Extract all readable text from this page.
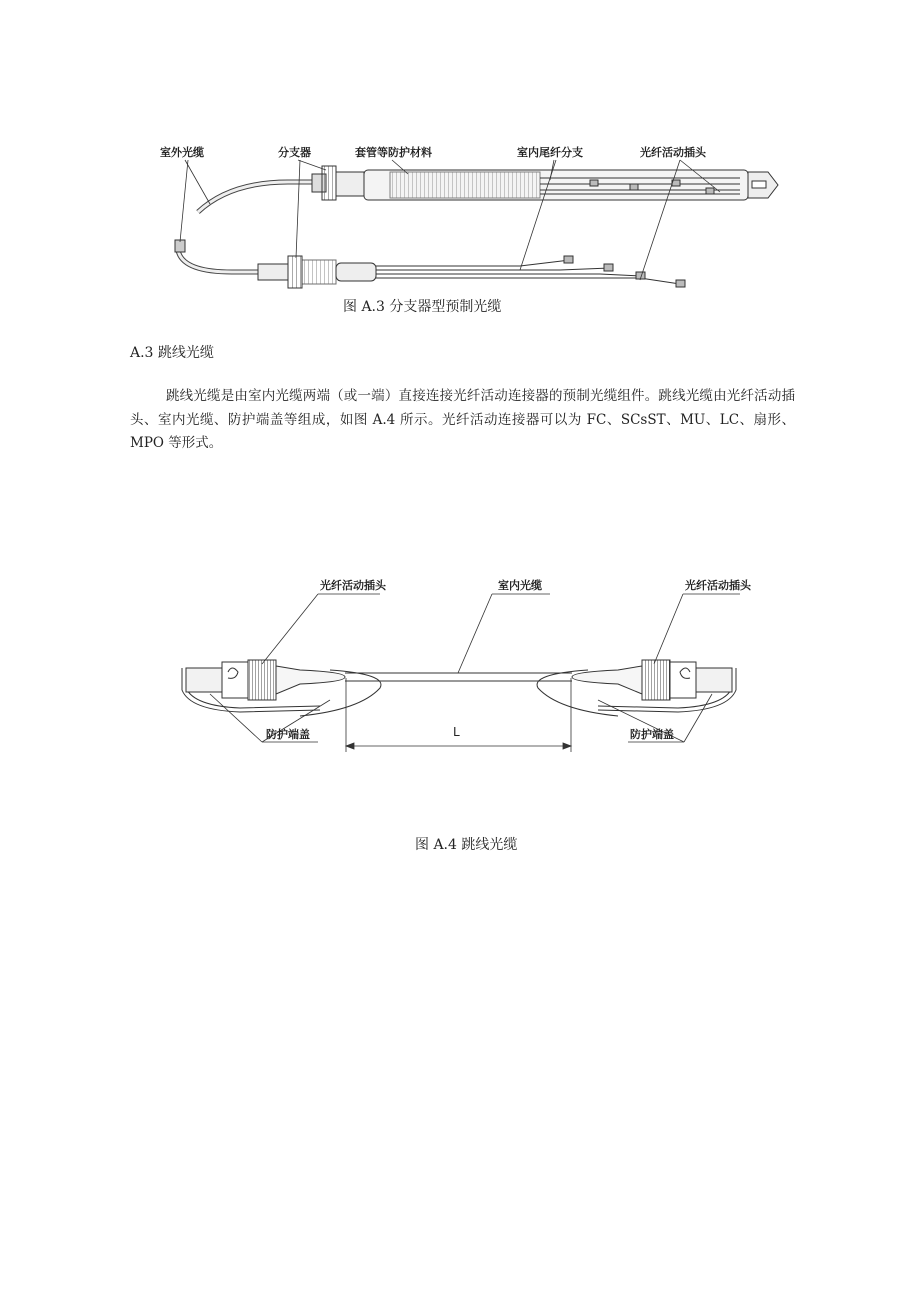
室外光缆	分支器	套管等防护材料	室内尾纤分支	光纤活动插头
图 A.3 分支器型预制光缆
A.3 跳线光缆

跳线光缆是由室内光缆两端（或一端）直接连接光纤活动连接器的预制光缆组件。跳线光缆由光纤活动插头、室内光缆、防护端盖等组成，如图 A.4 所示。光纤活动连接器可以为 FC、SCsST、MU、LC、扇形、MPO 等形式。

L
光纤活动插头	室内光缆	光纤活动插头
防护端盖	防护端盖
图 A.4 跳线光缆
